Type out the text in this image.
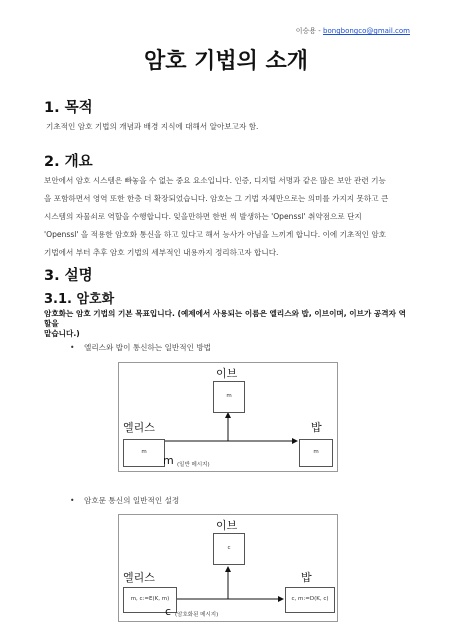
이승용 - bongbongco@gmail.com
암호 기법의 소개
1. 목적
기초적인 암호 기법의 개념과 배경 지식에 대해서 알아보고자 함.
2. 개요
보안에서 암호 시스템은 빠놓을 수 없는 중요 요소입니다. 인증, 디지털 서명과 같은 많은 보안 관련 기능
을 포함하면서 영역 또한 한층 더 확장되었습니다. 암호는 그 기법 자체만으로는 의미를 가지지 못하고 큰
시스템의 자물쇠로 역할을 수행합니다. 잊을만하면 한번 씩 발생하는 'Openssl' 취약점으로 단지
'Openssl' 을 적용한 암호화 통신을 하고 있다고 해서 능사가 아님을 느끼게 합니다. 이에 기초적인 암호
기법에서 부터 추후 암호 기법의 세부적인 내용까지 정리하고자 합니다.
3. 설명
3.1. 암호화
암호화는 암호 기법의 기본 목표입니다. (예제에서 사용되는 이름은 엘리스와 밥, 이브이며, 이브가 공격자 역할을
맡습니다.)
• 엘리스와 밥이 통신하는 일반적인 방법
이브
m
엘리스
m
밥
m
m (일반 메시지)
• 암호문 통신의 일반적인 설정
이브
c
엘리스
m, c:=E(K, m)
밥
c, m:=D(K, c)
c (암호화된 메시지)
